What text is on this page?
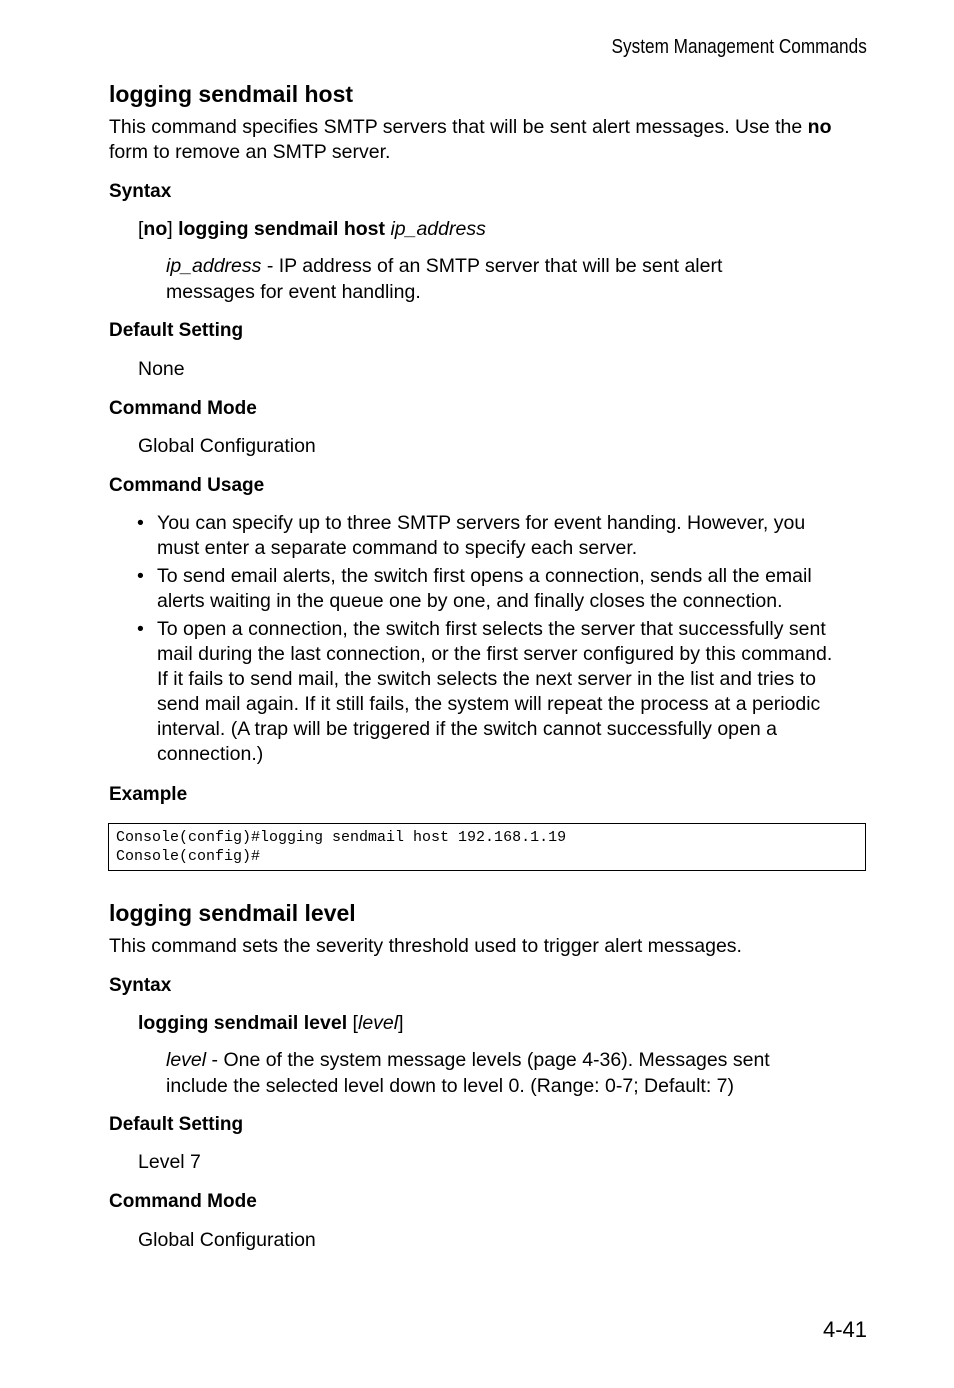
System Management Commands
logging sendmail host
This command specifies SMTP servers that will be sent alert messages. Use the no
form to remove an SMTP server.
Syntax
[no] logging sendmail host ip_address
ip_address - IP address of an SMTP server that will be sent alert
messages for event handling.
Default Setting
None
Command Mode
Global Configuration
Command Usage
• You can specify up to three SMTP servers for event handing. However, you
must enter a separate command to specify each server.
• To send email alerts, the switch first opens a connection, sends all the email
alerts waiting in the queue one by one, and finally closes the connection.
• To open a connection, the switch first selects the server that successfully sent
mail during the last connection, or the first server configured by this command.
If it fails to send mail, the switch selects the next server in the list and tries to
send mail again. If it still fails, the system will repeat the process at a periodic
interval. (A trap will be triggered if the switch cannot successfully open a
connection.)
Example
Console(config)#logging sendmail host 192.168.1.19
Console(config)#
logging sendmail level
This command sets the severity threshold used to trigger alert messages.
Syntax
logging sendmail level [level]
level - One of the system message levels (page 4-36). Messages sent
include the selected level down to level 0. (Range: 0-7; Default: 7)
Default Setting
Level 7
Command Mode
Global Configuration
4-41
